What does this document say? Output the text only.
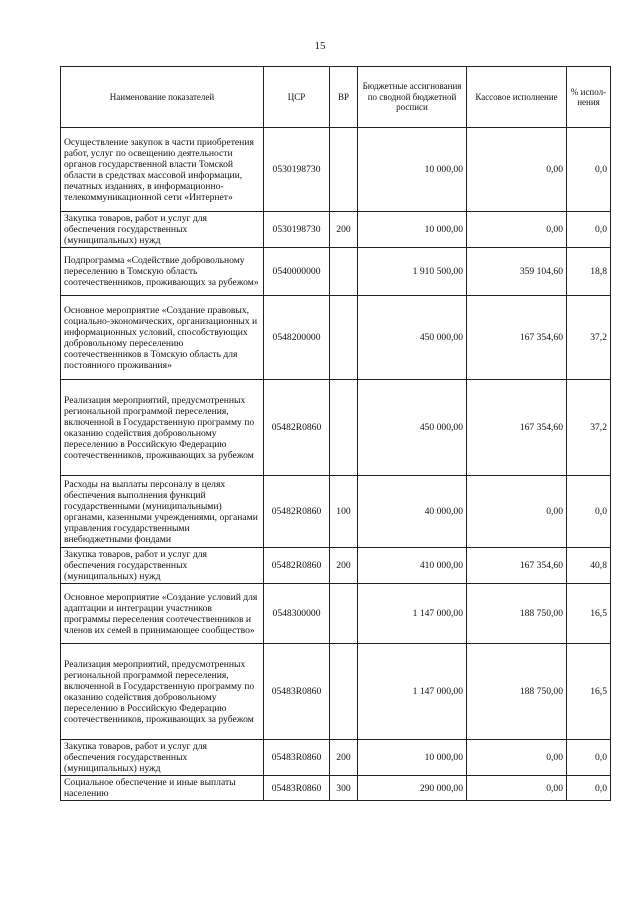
15
Наименование показателей	ЦСР	ВР	Бюджетные ассигнования по сводной бюджетной росписи	Кассовое исполнение	% испол-нения
Осуществление закупок в части приобретения работ, услуг по освещению деятельности органов государственной власти Томской области в средствах массовой информации, печатных изданиях, в информационно-телекоммуникационной сети «Интернет»	0530198730		10 000,00	0,00	0,0
Закупка товаров, работ и услуг для обеспечения государственных (муниципальных) нужд	0530198730	200	10 000,00	0,00	0,0
Подпрограмма «Содействие добровольному переселению в Томскую область соотечественников, проживающих за рубежом»	0540000000		1 910 500,00	359 104,60	18,8
Основное мероприятие «Создание правовых, социально-экономических, организационных и информационных условий, способствующих добровольному переселению соотечественников в Томскую область для постоянного проживания»	0548200000		450 000,00	167 354,60	37,2
Реализация мероприятий, предусмотренных региональной программой переселения, включенной в Государственную программу по оказанию содействия добровольному переселению в Российскую Федерацию соотечественников, проживающих за рубежом	05482R0860		450 000,00	167 354,60	37,2
Расходы на выплаты персоналу в целях обеспечения выполнения функций государственными (муниципальными) органами, казенными учреждениями, органами управления государственными внебюджетными фондами	05482R0860	100	40 000,00	0,00	0,0
Закупка товаров, работ и услуг для обеспечения государственных (муниципальных) нужд	05482R0860	200	410 000,00	167 354,60	40,8
Основное мероприятие «Создание условий для адаптации и интеграции участников программы переселения соотечественников и членов их семей в принимающее сообщество»	0548300000		1 147 000,00	188 750,00	16,5
Реализация мероприятий, предусмотренных региональной программой переселения, включенной в Государственную программу по оказанию содействия добровольному переселению в Российскую Федерацию соотечественников, проживающих за рубежом	05483R0860		1 147 000,00	188 750,00	16,5
Закупка товаров, работ и услуг для обеспечения государственных (муниципальных) нужд	05483R0860	200	10 000,00	0,00	0,0
Социальное обеспечение и иные выплаты населению	05483R0860	300	290 000,00	0,00	0,0
